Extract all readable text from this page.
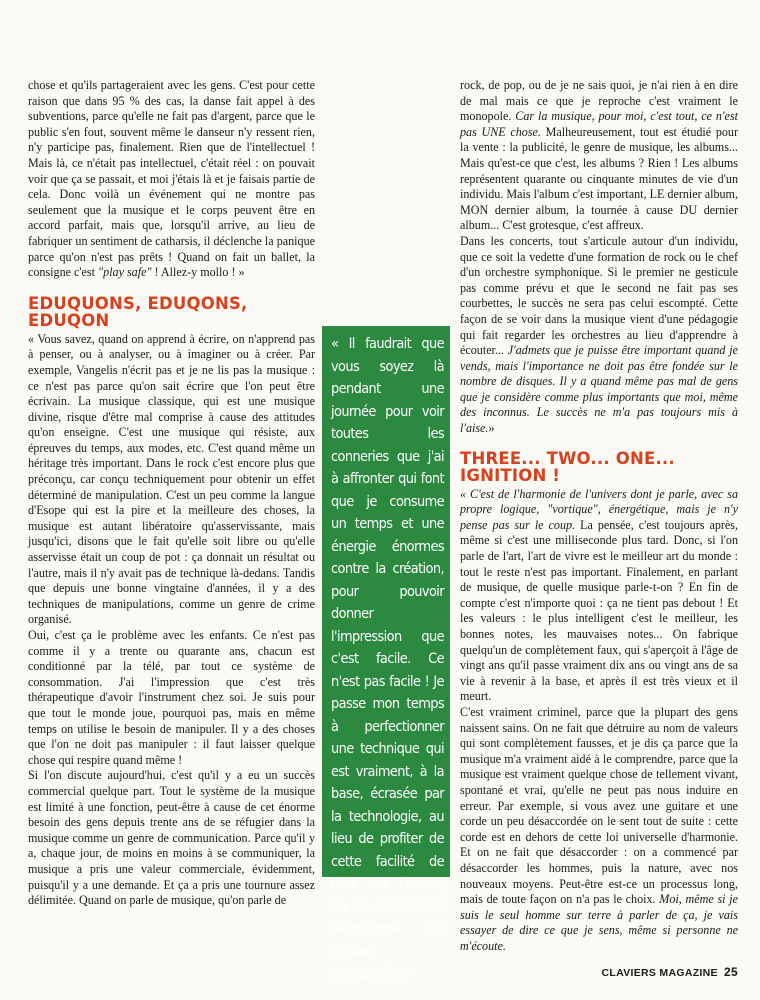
chose et qu'ils partageraient avec les gens. C'est pour cette raison que dans 95 % des cas, la danse fait appel à des subventions, parce qu'elle ne fait pas d'argent, parce que le public s'en fout, souvent même le danseur n'y ressent rien, n'y participe pas, finalement. Rien que de l'intellectuel ! Mais là, ce n'était pas intellectuel, c'était réel : on pouvait voir que ça se passait, et moi j'étais là et je faisais partie de cela. Donc voilà un événement qui ne montre pas seulement que la musique et le corps peuvent être en accord parfait, mais que, lorsqu'il arrive, au lieu de fabriquer un sentiment de catharsis, il déclenche la panique parce qu'on n'est pas prêts ! Quand on fait un ballet, la consigne c'est "play safe" ! Allez-y mollo ! »

EDUQUONS, EDUQONS, EDUQON

« Vous savez, quand on apprend à écrire, on n'apprend pas à penser, ou à analyser, ou à imaginer ou à créer. Par exemple, Vangelis n'écrit pas et je ne lis pas la musique : ce n'est pas parce qu'on sait écrire que l'on peut être écrivain. La musique classique, qui est une musique divine, risque d'être mal comprise à cause des attitudes qu'on enseigne. C'est une musique qui résiste, aux épreuves du temps, aux modes, etc. C'est quand même un héritage très important. Dans le rock c'est encore plus que préconçu, car conçu techniquement pour obtenir un effet déterminé de manipulation. C'est un peu comme la langue d'Esope qui est la pire et la meilleure des choses, la musique est autant libératoire qu'asservissante, mais jusqu'ici, disons que le fait qu'elle soit libre ou qu'elle asservisse était un coup de pot : ça donnait un résultat ou l'autre, mais il n'y avait pas de technique là-dedans. Tandis que depuis une bonne vingtaine d'années, il y a des techniques de manipulations, comme un genre de crime organisé.

Oui, c'est ça le problème avec les enfants. Ce n'est pas comme il y a trente ou quarante ans, chacun est conditionné par la télé, par tout ce système de consommation. J'ai l'impression que c'est très thérapeutique d'avoir l'instrument chez soi. Je suis pour que tout le monde joue, pourquoi pas, mais en même temps on utilise le besoin de manipuler. Il y a des choses que l'on ne doit pas manipuler : il faut laisser quelque chose qui respire quand même !

Si l'on discute aujourd'hui, c'est qu'il y a eu un succès commercial quelque part. Tout le système de la musique est limité à une fonction, peut-être à cause de cet énorme besoin des gens depuis trente ans de se réfugier dans la musique comme un genre de communication. Parce qu'il y a, chaque jour, de moins en moins à se communiquer, la musique a pris une valeur commerciale, évidemment, puisqu'il y a une demande. Et ça a pris une tournure assez délimitée. Quand on parle de musique, qu'on parle de

« Il faudrait que vous soyez là pendant une journée pour voir toutes les conneries que j'ai à affronter qui font que je consume un temps et une énergie énormes contre la création, pour pouvoir donner l'impression que c'est facile. Ce n'est pas facile ! Je passe mon temps à perfectionner une technique qui est vraiment, à la base, écrasée par la technologie, au lieu de profiter de cette facilité de faire des choses, au lieu d'avoir une technologie qui m'aide, humanitaire. »

rock, de pop, ou de je ne sais quoi, je n'ai rien à en dire de mal mais ce que je reproche c'est vraiment le monopole. Car la musique, pour moi, c'est tout, ce n'est pas UNE chose. Malheureusement, tout est étudié pour la vente : la publicité, le genre de musique, les albums... Mais qu'est-ce que c'est, les albums ? Rien ! Les albums représentent quarante ou cinquante minutes de vie d'un individu. Mais l'album c'est important, LE dernier album, MON dernier album, la tournée à cause DU dernier album... C'est grotesque, c'est affreux.

Dans les concerts, tout s'articule autour d'un individu, que ce soit la vedette d'une formation de rock ou le chef d'un orchestre symphonique. Si le premier ne gesticule pas comme prévu et que le second ne fait pas ses courbettes, le succès ne sera pas celui escompté. Cette façon de se voir dans la musique vient d'une pédagogie qui fait regarder les orchestres au lieu d'apprendre à écouter... J'admets que je puisse être important quand je vends, mais l'importance ne doit pas être fondée sur le nombre de disques. Il y a quand même pas mal de gens que je considère comme plus importants que moi, même des inconnus. Le succès ne m'a pas toujours mis à l'aise.»

THREE... TWO... ONE... IGNITION !

« C'est de l'harmonie de l'univers dont je parle, avec sa propre logique, "vortique", énergétique, mais je n'y pense pas sur le coup. La pensée, c'est toujours après, même si c'est une milliseconde plus tard. Donc, si l'on parle de l'art, l'art de vivre est le meilleur art du monde : tout le reste n'est pas important. Finalement, en parlant de musique, de quelle musique parle-t-on ? En fin de compte c'est n'importe quoi : ça ne tient pas debout ! Et les valeurs : le plus intelligent c'est le meilleur, les bonnes notes, les mauvaises notes... On fabrique quelqu'un de complètement faux, qui s'aperçoit à l'âge de vingt ans qu'il passe vraiment dix ans ou vingt ans de sa vie à revenir à la base, et après il est très vieux et il meurt.

C'est vraiment criminel, parce que la plupart des gens naissent sains. On ne fait que détruire au nom de valeurs qui sont complètement fausses, et je dis ça parce que la musique m'a vraiment aidé à le comprendre, parce que la musique est vraiment quelque chose de tellement vivant, spontané et vrai, qu'elle ne peut pas nous induire en erreur. Par exemple, si vous avez une guitare et une corde un peu désaccordée on le sent tout de suite : cette corde est en dehors de cette loi universelle d'harmonie. Et on ne fait que désaccorder : on a commencé par désaccorder les hommes, puis la nature, avec nos nouveaux moyens. Peut-être est-ce un processus long, mais de toute façon on n'a pas le choix. Moi, même si je suis le seul homme sur terre à parler de ça, je vais essayer de dire ce que je sens, même si personne ne m'écoute.

CLAVIERS MAGAZINE 25
